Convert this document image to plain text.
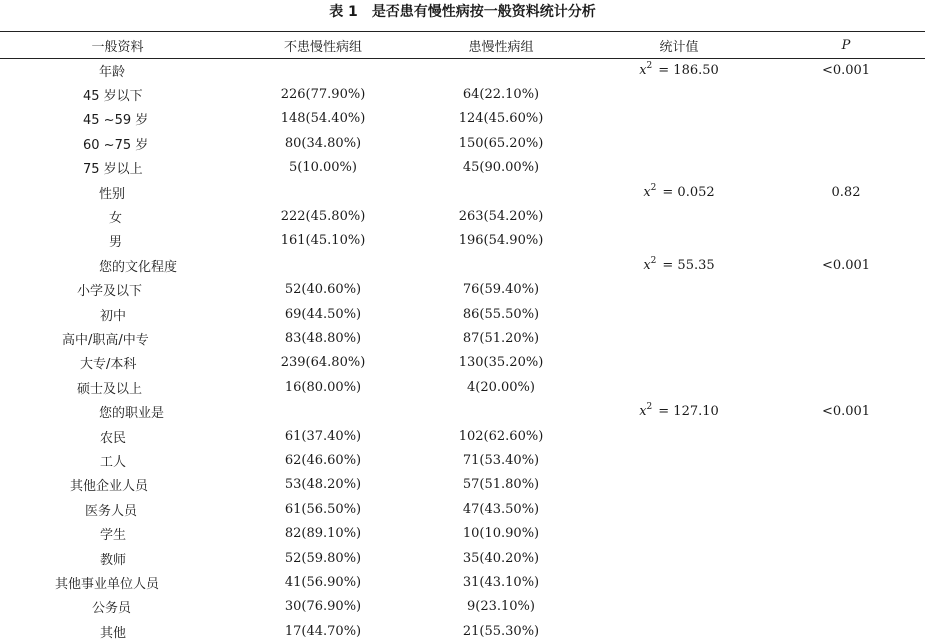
表 1 是否患有慢性病按一般资料统计分析
一般资料	不患慢性病组	患慢性病组	统计值	P
年龄			$x^2 = 186.50$	<0.001
45 岁以下	226(77.90%)	64(22.10%)		
45 ~59 岁	148(54.40%)	124(45.60%)		
60 ~75 岁	80(34.80%)	150(65.20%)		
75 岁以上	5(10.00%)	45(90.00%)		
性别			$x^2 = 0.052$	0.82
女	222(45.80%)	263(54.20%)		
男	161(45.10%)	196(54.90%)		
您的文化程度			$x^2 = 55.35$	<0.001
小学及以下	52(40.60%)	76(59.40%)		
初中	69(44.50%)	86(55.50%)		
高中/职高/中专	83(48.80%)	87(51.20%)		
大专/本科	239(64.80%)	130(35.20%)		
硕士及以上	16(80.00%)	4(20.00%)		
您的职业是			$x^2 = 127.10$	<0.001
农民	61(37.40%)	102(62.60%)		
工人	62(46.60%)	71(53.40%)		
其他企业人员	53(48.20%)	57(51.80%)		
医务人员	61(56.50%)	47(43.50%)		
学生	82(89.10%)	10(10.90%)		
教师	52(59.80%)	35(40.20%)		
其他事业单位人员	41(56.90%)	31(43.10%)		
公务员	30(76.90%)	9(23.10%)		
其他	17(44.70%)	21(55.30%)		
